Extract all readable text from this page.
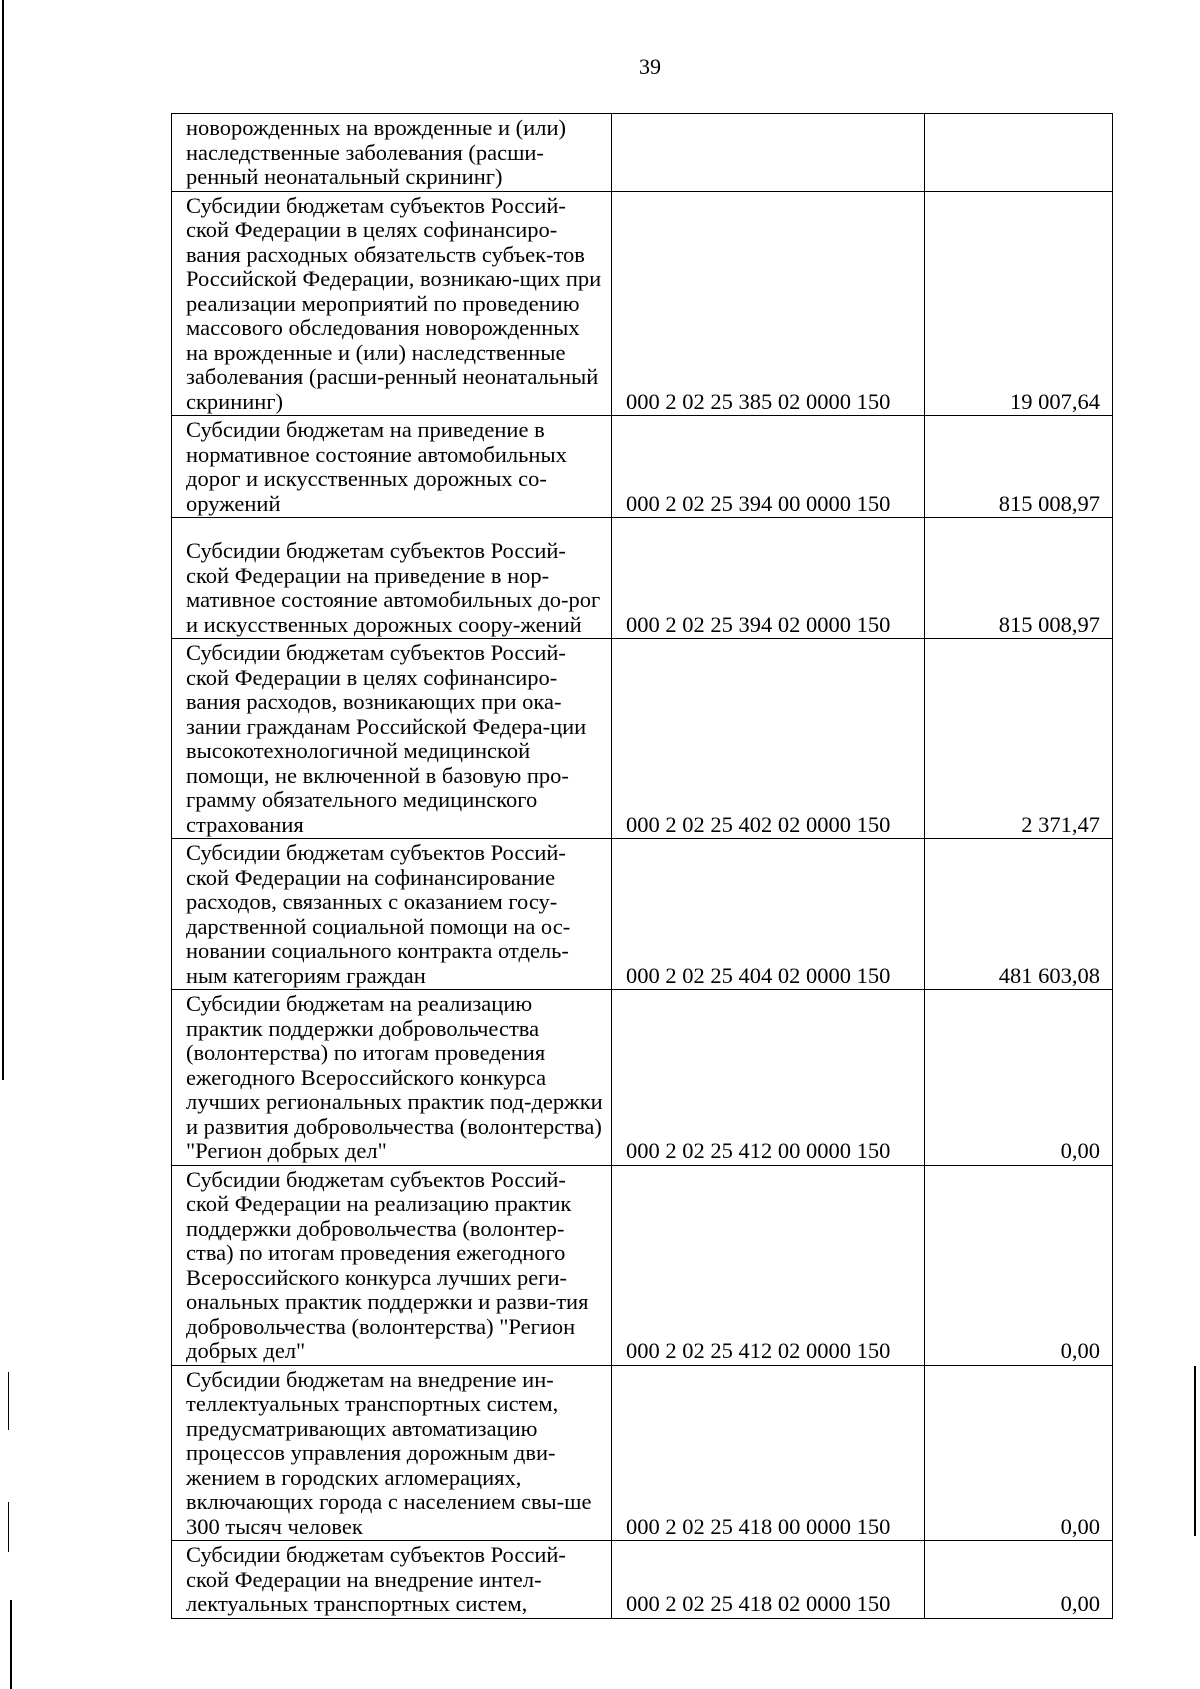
39
новорожденных на врожденные и (или) наследственные заболевания (расши-ренный неонатальный скрининг)		
Субсидии бюджетам субъектов Россий-ской Федерации в целях софинансиро-вания расходных обязательств субъек-тов Российской Федерации, возникаю-щих при реализации мероприятий по проведению массового обследования новорожденных на врожденные и (или) наследственные заболевания (расши-ренный неонатальный скрининг)	000 2 02 25 385 02 0000 150	19 007,64
Субсидии бюджетам на приведение в нормативное состояние автомобильных дорог и искусственных дорожных со-оружений	000 2 02 25 394 00 0000 150	815 008,97
Субсидии бюджетам субъектов Россий-ской Федерации на приведение в нор-мативное состояние автомобильных до-рог и искусственных дорожных соору-жений	000 2 02 25 394 02 0000 150	815 008,97
Субсидии бюджетам субъектов Россий-ской Федерации в целях софинансиро-вания расходов, возникающих при ока-зании гражданам Российской Федера-ции высокотехнологичной медицинской помощи, не включенной в базовую про-грамму обязательного медицинского страхования	000 2 02 25 402 02 0000 150	2 371,47
Субсидии бюджетам субъектов Россий-ской Федерации на софинансирование расходов, связанных с оказанием госу-дарственной социальной помощи на ос-новании социального контракта отдель-ным категориям граждан	000 2 02 25 404 02 0000 150	481 603,08
Субсидии бюджетам на реализацию практик поддержки добровольчества (волонтерства) по итогам проведения ежегодного Всероссийского конкурса лучших региональных практик под-держки и развития добровольчества (волонтерства) "Регион добрых дел"	000 2 02 25 412 00 0000 150	0,00
Субсидии бюджетам субъектов Россий-ской Федерации на реализацию практик поддержки добровольчества (волонтер-ства) по итогам проведения ежегодного Всероссийского конкурса лучших реги-ональных практик поддержки и разви-тия добровольчества (волонтерства) "Регион добрых дел"	000 2 02 25 412 02 0000 150	0,00
Субсидии бюджетам на внедрение ин-теллектуальных транспортных систем, предусматривающих автоматизацию процессов управления дорожным дви-жением в городских агломерациях, включающих города с населением свы-ше 300 тысяч человек	000 2 02 25 418 00 0000 150	0,00
Субсидии бюджетам субъектов Россий-ской Федерации на внедрение интел-лектуальных транспортных систем,	000 2 02 25 418 02 0000 150	0,00
